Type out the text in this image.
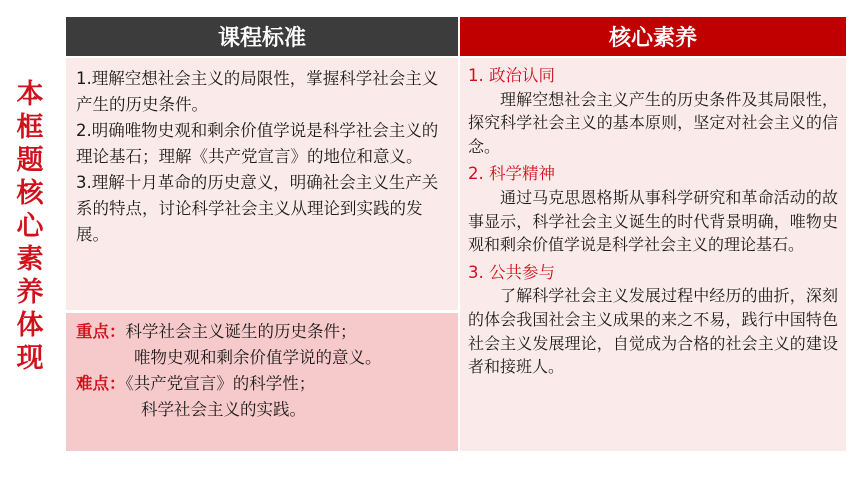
本
框
题
核
心
素
养
体
现
课程标准	核心素养

1.理解空想社会主义的局限性，掌握科学社会主义产生的历史条件。

2.明确唯物史观和剩余价值学说是科学社会主义的理论基石；理解《共产党宣言》的地位和意义。

3.理解十月革命的历史意义，明确社会主义生产关系的特点，讨论科学社会主义从理论到实践的发展。

重点：科学社会主义诞生的历史条件；
唯物史观和剩余价值学说的意义。
难点：《共产党宣言》的科学性；
科学社会主义的实践。
1. 政治认同

理解空想社会主义产生的历史条件及其局限性，探究科学社会主义的基本原则，坚定对社会主义的信念。

2. 科学精神

通过马克思恩格斯从事科学研究和革命活动的故事显示，科学社会主义诞生的时代背景明确，唯物史观和剩余价值学说是科学社会主义的理论基石。

3. 公共参与

了解科学社会主义发展过程中经历的曲折，深刻的体会我国社会主义成果的来之不易，践行中国特色社会主义发展理论，自觉成为合格的社会主义的建设者和接班人。
